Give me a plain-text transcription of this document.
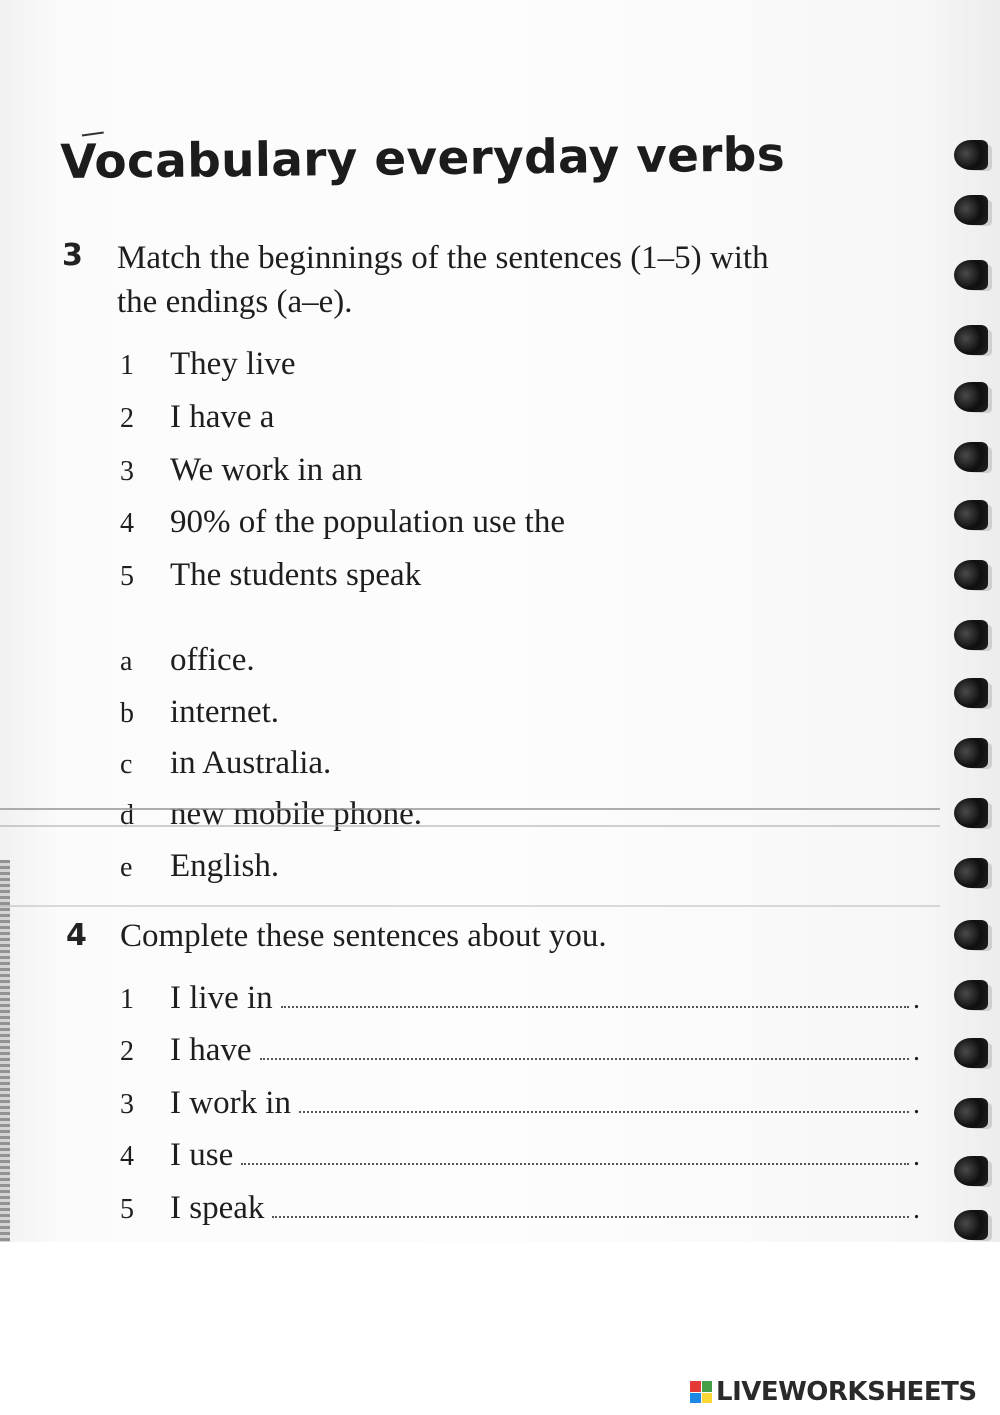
Vocabulary everyday verbs
3 Match the beginnings of the sentences (1–5) with
the endings (a–e).
1 They live
2 I have a
3 We work in an
4 90% of the population use the
5 The students speak
a office.
b internet.
c in Australia.
d new mobile phone.
e English.
4 Complete these sentences about you.
1	I live in	.
2	I have	.
3	I work in	.
4	I use	.
5	I speak	.
LIVEWORKSHEETS
